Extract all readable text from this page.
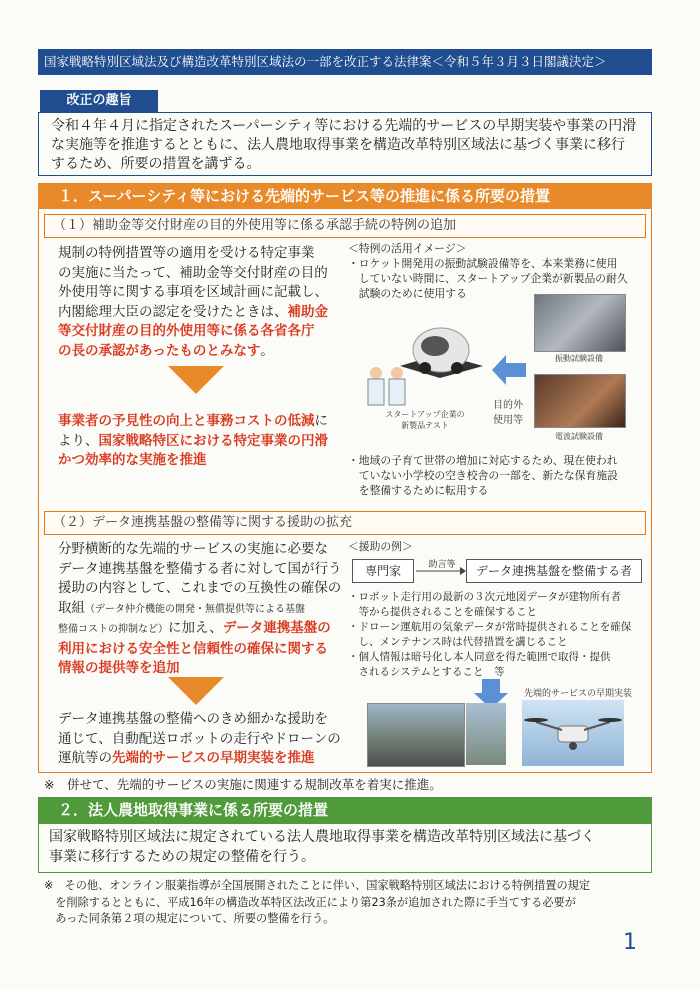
国家戦略特別区域法及び構造改革特別区域法の一部を改正する法律案＜令和５年３月３日閣議決定＞
改正の趣旨
令和４年４月に指定されたスーパーシティ等における先端的サービスの早期実装や事業の円滑
な実施等を推進するとともに、法人農地取得事業を構造改革特別区域法に基づく事業に移行
するため、所要の措置を講ずる。
１．スーパーシティ等における先端的サービス等の推進に係る所要の措置
（１）補助金等交付財産の目的外使用等に係る承認手続の特例の追加
規制の特例措置等の適用を受ける特定事業
の実施に当たって、補助金等交付財産の目的
外使用等に関する事項を区域計画に記載し、
内閣総理大臣の認定を受けたときは、補助金
等交付財産の目的外使用等に係る各省各庁
の長の承認があったものとみなす。
事業者の予見性の向上と事務コストの低減に
より、国家戦略特区における特定事業の円滑
かつ効率的な実施を推進
＜特例の活用イメージ＞
・ロケット開発用の振動試験設備等を、本来業務に使用
　していない時間に、スタートアップ企業が新製品の耐久
　試験のために使用する
スタートアップ企業の
新製品テスト
振動試験設備
目的外
使用等
電波試験設備
・地域の子育て世帯の増加に対応するため、現在使われ
　ていない小学校の空き校舎の一部を、新たな保育施設
　を整備するために転用する
（２）データ連携基盤の整備等に関する援助の拡充
分野横断的な先端的サービスの実施に必要な
データ連携基盤を整備する者に対して国が行う
援助の内容として、これまでの互換性の確保の
取組（データ仲介機能の開発・無償提供等による基盤
整備コストの抑制など）に加え、データ連携基盤の
利用における安全性と信頼性の確保に関する
情報の提供等を追加
データ連携基盤の整備へのきめ細かな援助を
通じて、自動配送ロボットの走行やドローンの
運航等の先端的サービスの早期実装を推進
＜援助の例＞
専門家	助言等	データ連携基盤を整備する者
・ロボット走行用の最新の３次元地図データが建物所有者
　等から提供されることを確保すること
・ドローン運航用の気象データが常時提供されることを確保
　し、メンテナンス時は代替措置を講じること
・個人情報は暗号化し本人同意を得た範囲で取得・提供
　されるシステムとすること　等
先端的サービスの早期実装
※　併せて、先端的サービスの実施に関連する規制改革を着実に推進。
２．法人農地取得事業に係る所要の措置
国家戦略特別区域法に規定されている法人農地取得事業を構造改革特別区域法に基づく
事業に移行するための規定の整備を行う。
※　その他、オンライン服薬指導が全国展開されたことに伴い、国家戦略特別区域法における特例措置の規定
　を削除するとともに、平成16年の構造改革特区法改正により第23条が追加された際に手当てする必要が
　あった同条第２項の規定について、所要の整備を行う。
1
